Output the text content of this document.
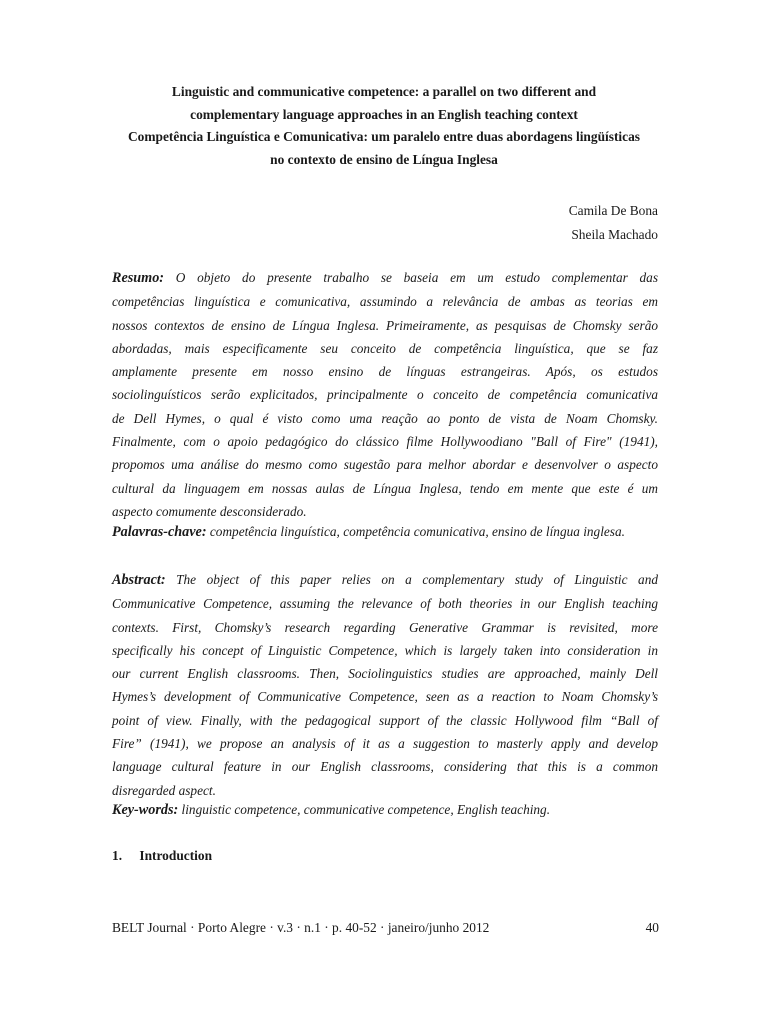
Linguistic and communicative competence: a parallel on two different and
complementary language approaches in an English teaching context
Competência Linguística e Comunicativa: um paralelo entre duas abordagens lingüísticas
no contexto de ensino de Língua Inglesa
Camila De Bona
Sheila Machado
Resumo: O objeto do presente trabalho se baseia em um estudo complementar das
competências linguística e comunicativa, assumindo a relevância de ambas as teorias em
nossos contextos de ensino de Língua Inglesa. Primeiramente, as pesquisas de Chomsky serão
abordadas, mais especificamente seu conceito de competência linguística, que se faz
amplamente presente em nosso ensino de línguas estrangeiras. Após, os estudos
sociolinguísticos serão explicitados, principalmente o conceito de competência comunicativa
de Dell Hymes, o qual é visto como uma reação ao ponto de vista de Noam Chomsky.
Finalmente, com o apoio pedagógico do clássico filme Hollywoodiano "Ball of Fire" (1941),
propomos uma análise do mesmo como sugestão para melhor abordar e desenvolver o aspecto
cultural da linguagem em nossas aulas de Língua Inglesa, tendo em mente que este é um
aspecto comumente desconsiderado.
Palavras-chave: competência linguística, competência comunicativa, ensino de língua inglesa.
Abstract: The object of this paper relies on a complementary study of Linguistic and
Communicative Competence, assuming the relevance of both theories in our English teaching
contexts. First, Chomsky’s research regarding Generative Grammar is revisited, more
specifically his concept of Linguistic Competence, which is largely taken into consideration in
our current English classrooms. Then, Sociolinguistics studies are approached, mainly Dell
Hymes’s development of Communicative Competence, seen as a reaction to Noam Chomsky’s
point of view. Finally, with the pedagogical support of the classic Hollywood film “Ball of
Fire” (1941), we propose an analysis of it as a suggestion to masterly apply and develop
language cultural feature in our English classrooms, considering that this is a common
disregarded aspect.
Key-words: linguistic competence, communicative competence, English teaching.
1. Introduction
BELT Journal · Porto Alegre · v.3 · n.1 · p. 40-52 · janeiro/junho 2012	40
